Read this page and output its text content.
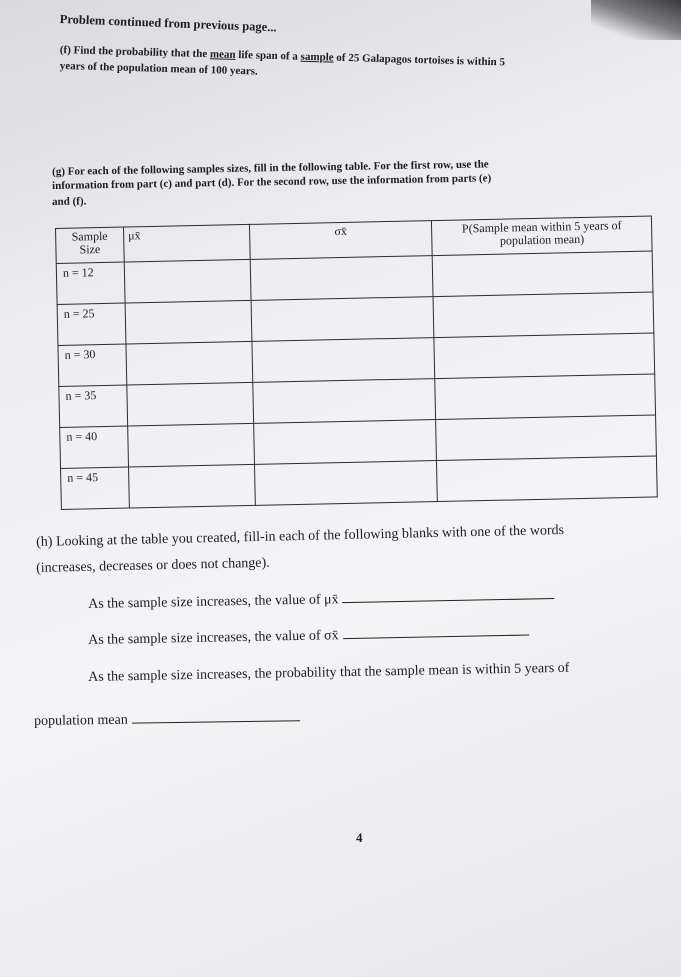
Problem continued from previous page...
(f) Find the probability that the mean life span of a sample of 25 Galapagos tortoises is within 5
years of the population mean of 100 years.
(g) For each of the following samples sizes, fill in the following table. For the first row, use the
information from part (c) and part (d). For the second row, use the information from parts (e)
and (f).
Sample Size	μx̄	σx̄	P(Sample mean within 5 years of population mean)
n = 12			
n = 25			
n = 30			
n = 35			
n = 40			
n = 45			
(h) Looking at the table you created, fill-in each of the following blanks with one of the words
(increases, decreases or does not change).
As the sample size increases, the value of μx̄
As the sample size increases, the value of σx̄
As the sample size increases, the probability that the sample mean is within 5 years of
population mean
4
